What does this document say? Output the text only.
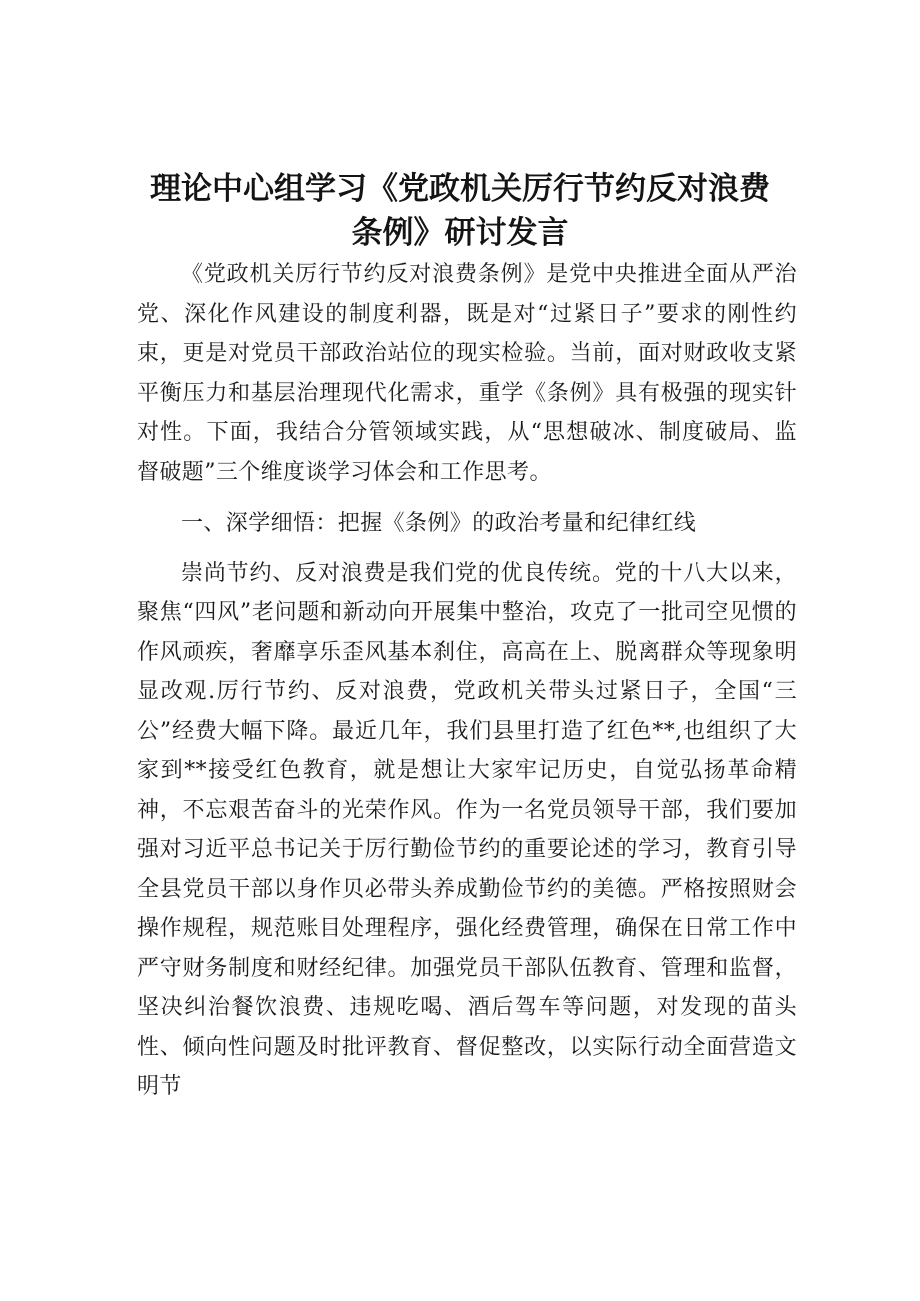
理论中心组学习《党政机关厉行节约反对浪费
条例》研讨发言

《党政机关厉行节约反对浪费条例》是党中央推进全面从严治党、深化作风建设的制度利器，既是对“过紧日子”要求的刚性约束，更是对党员干部政治站位的现实检验。当前，面对财政收支紧平衡压力和基层治理现代化需求，重学《条例》具有极强的现实针对性。下面，我结合分管领域实践，从“思想破冰、制度破局、监督破题”三个维度谈学习体会和工作思考。

一、深学细悟：把握《条例》的政治考量和纪律红线

崇尚节约、反对浪费是我们党的优良传统。党的十八大以来，聚焦“四风”老问题和新动向开展集中整治，攻克了一批司空见惯的作风顽疾，奢靡享乐歪风基本刹住，高高在上、脱离群众等现象明显改观.厉行节约、反对浪费，党政机关带头过紧日子，全国“三公”经费大幅下降。最近几年，我们县里打造了红色**,也组织了大家到**接受红色教育，就是想让大家牢记历史，自觉弘扬革命精神，不忘艰苦奋斗的光荣作风。作为一名党员领导干部，我们要加强对习近平总书记关于厉行勤俭节约的重要论述的学习，教育引导全县党员干部以身作贝必带头养成勤俭节约的美德。严格按照财会操作规程，规范账目处理程序，强化经费管理，确保在日常工作中严守财务制度和财经纪律。加强党员干部队伍教育、管理和监督，坚决纠治餐饮浪费、违规吃喝、酒后驾车等问题，对发现的苗头性、倾向性问题及时批评教育、督促整改，以实际行动全面营造文明节
